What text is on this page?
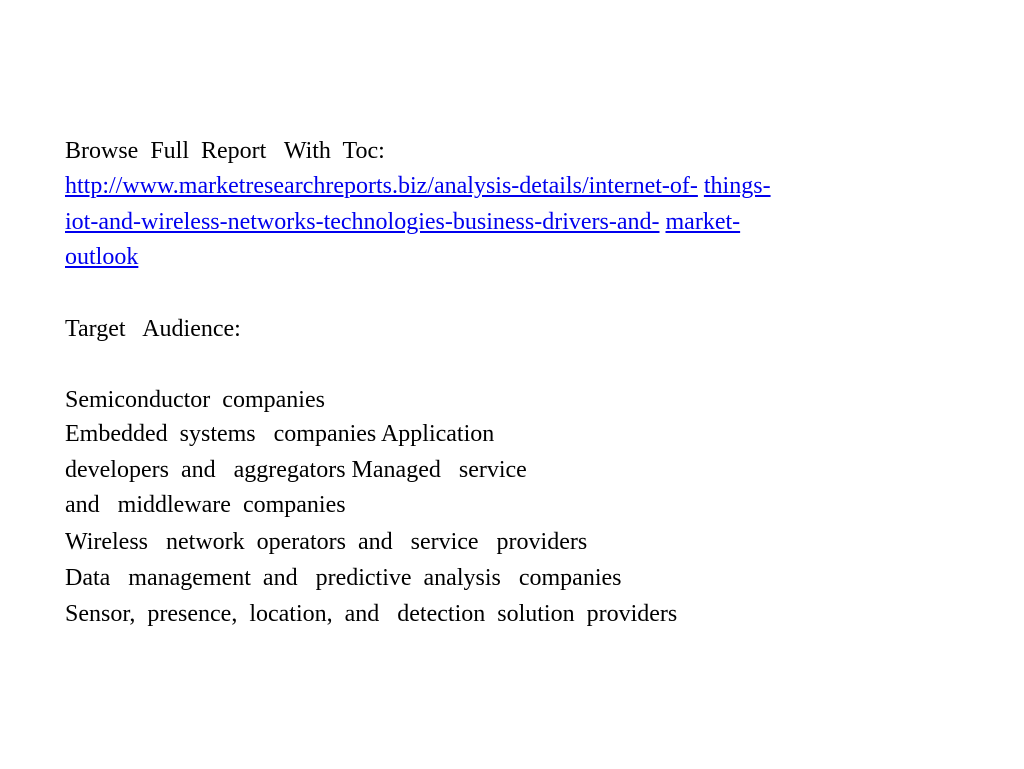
Browse  Full  Report   With  Toc:
http://www.marketresearchreports.biz/analysis-details/internet-of- things-
iot-and-wireless-networks-technologies-business-drivers-and- market-
outlook
Target   Audience:
Semiconductor  companies
Embedded  systems   companies Application
developers  and   aggregators Managed   service
and   middleware  companies
Wireless   network  operators  and   service   providers
Data   management  and   predictive  analysis   companies
Sensor,  presence,  location,  and   detection  solution  providers
